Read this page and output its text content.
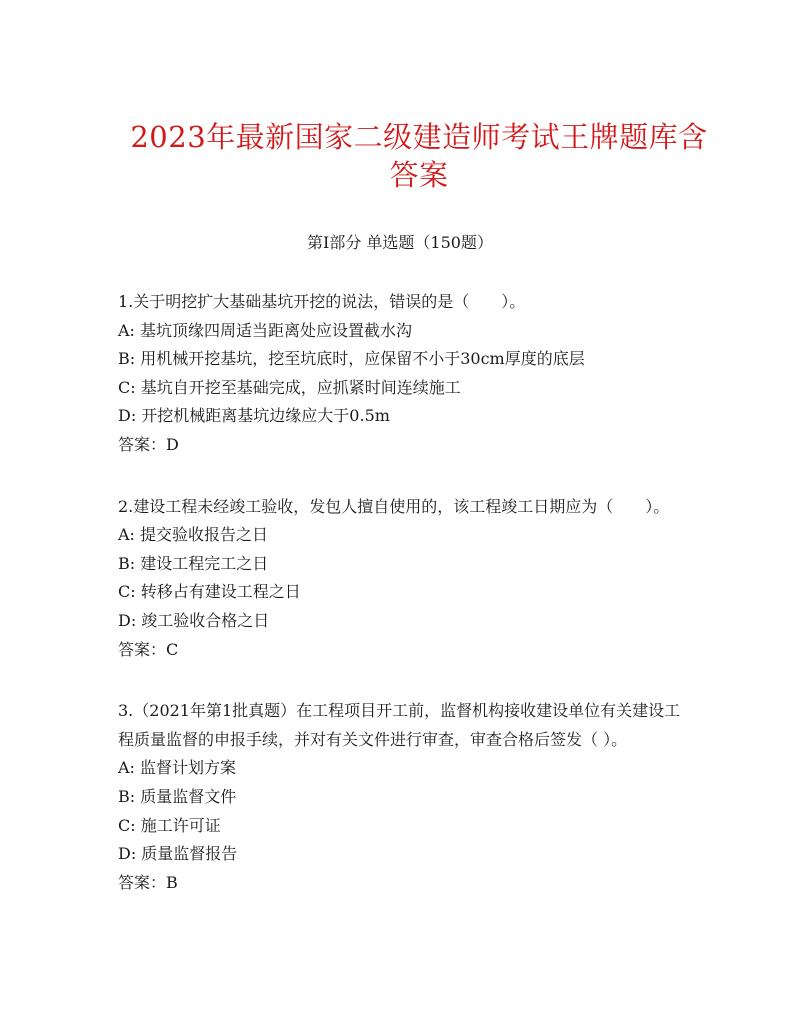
2023年最新国家二级建造师考试王牌题库含答案
第I部分 单选题（150题）
1.关于明挖扩大基础基坑开挖的说法，错误的是（　　）。
A: 基坑顶缘四周适当距离处应设置截水沟
B: 用机械开挖基坑，挖至坑底时，应保留不小于30cm厚度的底层
C: 基坑自开挖至基础完成，应抓紧时间连续施工
D: 开挖机械距离基坑边缘应大于0.5m
答案：D
2.建设工程未经竣工验收，发包人擅自使用的，该工程竣工日期应为（　　）。
A: 提交验收报告之日
B: 建设工程完工之日
C: 转移占有建设工程之日
D: 竣工验收合格之日
答案：C
3.（2021年第1批真题）在工程项目开工前，监督机构接收建设单位有关建设工程质量监督的申报手续，并对有关文件进行审查，审查合格后签发（ ）。
A: 监督计划方案
B: 质量监督文件
C: 施工许可证
D: 质量监督报告
答案：B
